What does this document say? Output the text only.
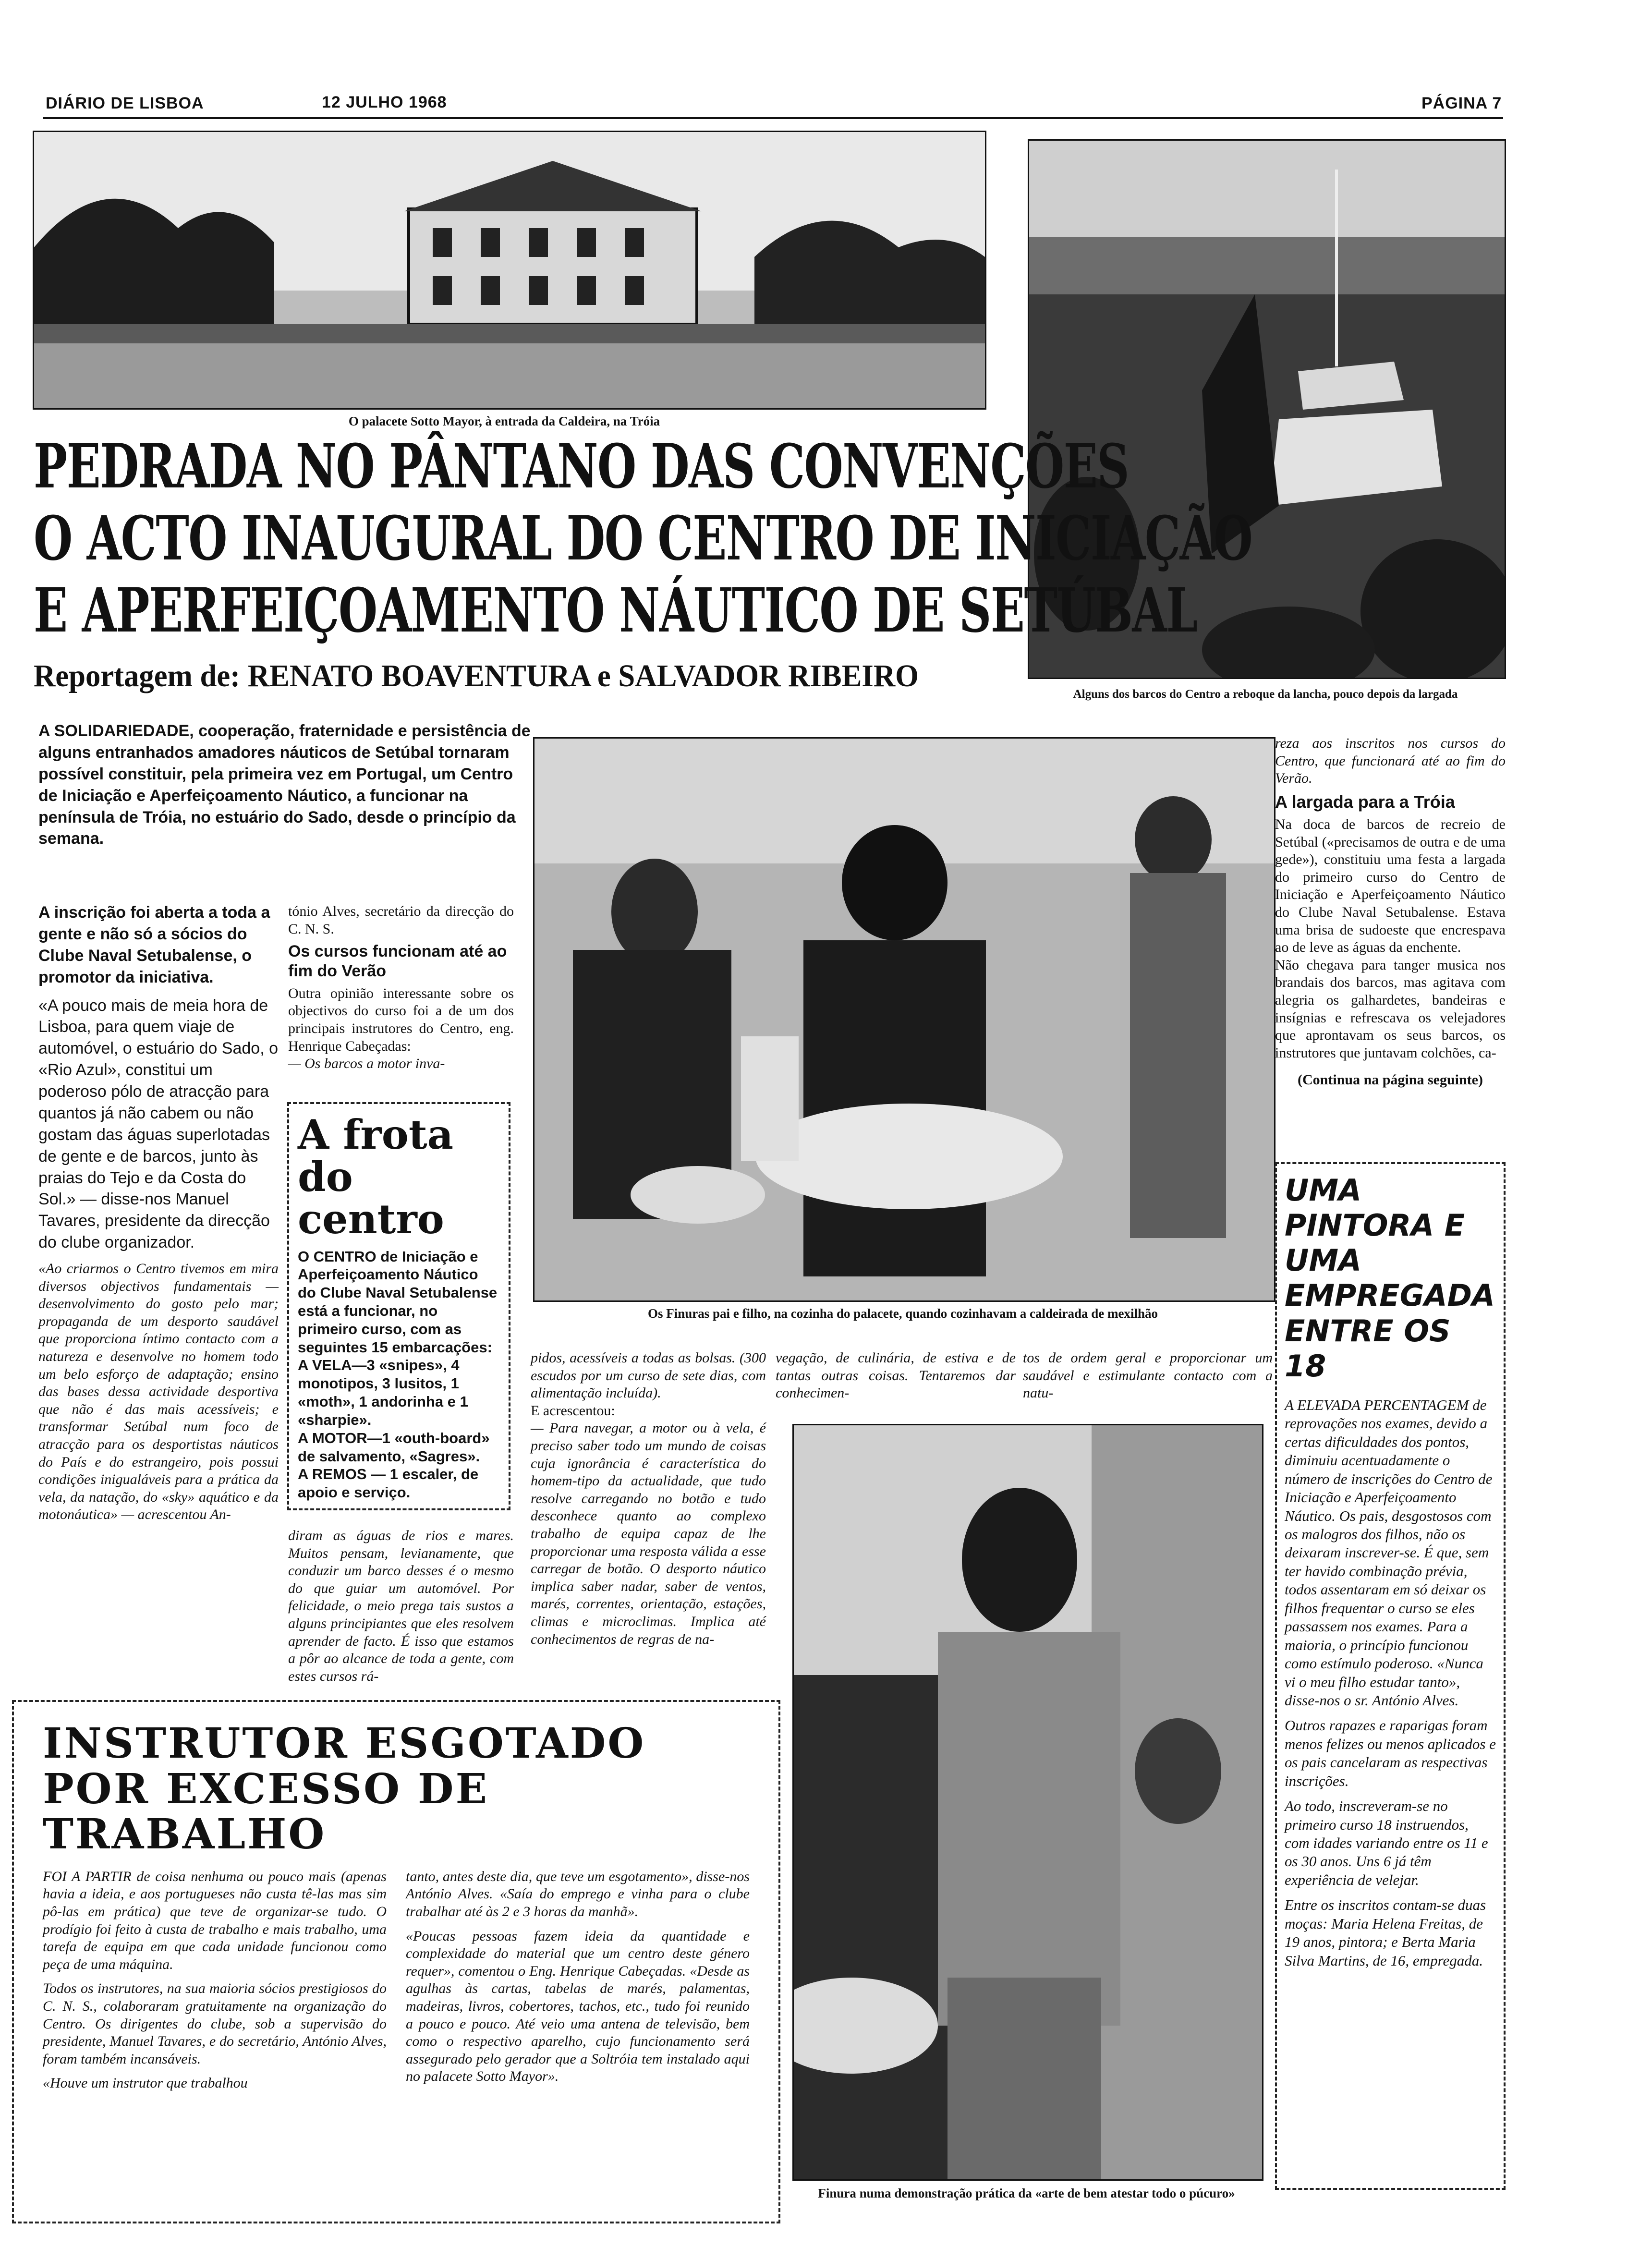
DIÁRIO DE LISBOA	12 JULHO 1968	PÁGINA 7
O palacete Sotto Mayor, à entrada da Caldeira, na Tróia
Alguns dos barcos do Centro a reboque da lancha, pouco depois da largada
PEDRADA NO PÂNTANO DAS CONVENÇÕES
O ACTO INAUGURAL DO CENTRO DE INICIAÇÃO
E APERFEIÇOAMENTO NÁUTICO DE SETÚBAL
Reportagem de: RENATO BOAVENTURA e SALVADOR RIBEIRO

A SOLIDARIEDADE, cooperação, fraternidade e persistência de alguns entranhados amadores náuticos de Setúbal tornaram possível constituir, pela primeira vez em Portugal, um Centro de Iniciação e Aperfeiçoamento Náutico, a funcionar na península de Tróia, no estuário do Sado, desde o princípio da semana.

A inscrição foi aberta a toda a gente e não só a sócios do Clube Naval Setubalense, o promotor da iniciativa.

«A pouco mais de meia hora de Lisboa, para quem viaje de automóvel, o estuário do Sado, o «Rio Azul», constitui um poderoso pólo de atracção para quantos já não cabem ou não gostam das águas superlotadas de gente e de barcos, junto às praias do Tejo e da Costa do Sol.» — disse-nos Manuel Tavares, presidente da direcção do clube organizador.

«Ao criarmos o Centro tivemos em mira diversos objectivos fundamentais — desenvolvimento do gosto pelo mar; propaganda de um desporto saudável que proporciona íntimo contacto com a natureza e desenvolve no homem todo um belo esforço de adaptação; ensino das bases dessa actividade desportiva que não é das mais acessíveis; e transformar Setúbal num foco de atracção para os desportistas náuticos do País e do estrangeiro, pois possui condições inigualáveis para a prática da vela, da natação, do «sky» aquático e da motonáutica» — acrescentou An-

tónio Alves, secretário da direcção do C. N. S.

Os cursos funcionam até ao fim do Verão

Outra opinião interessante sobre os objectivos do curso foi a de um dos principais instrutores do Centro, eng. Henrique Cabeçadas:

— Os barcos a motor inva-

A frota
do centro

O CENTRO de Iniciação e Aperfeiçoamento Náutico do Clube Naval Setubalense está a funcionar, no primeiro curso, com as seguintes 15 embarcações:

A VELA—3 «snipes», 4 monotipos, 3 lusitos, 1 «moth», 1 andorinha e 1 «sharpie».

A MOTOR—1 «outh-board» de salvamento, «Sagres».

A REMOS — 1 escaler, de apoio e serviço.

diram as águas de rios e mares. Muitos pensam, levianamente, que conduzir um barco desses é o mesmo do que guiar um automóvel. Por felicidade, o meio prega tais sustos a alguns principiantes que eles resolvem aprender de facto. É isso que estamos a pôr ao alcance de toda a gente, com estes cursos rá-

Os Finuras pai e filho, na cozinha do palacete, quando cozinhavam a caldeirada de mexilhão

pidos, acessíveis a todas as bolsas. (300 escudos por um curso de sete dias, com alimentação incluída).

E acrescentou:

— Para navegar, a motor ou à vela, é preciso saber todo um mundo de coisas cuja ignorância é característica do homem-tipo da actualidade, que tudo resolve carregando no botão e tudo desconhece quanto ao complexo trabalho de equipa capaz de lhe proporcionar uma resposta válida a esse carregar de botão. O desporto náutico implica saber nadar, saber de ventos, marés, correntes, orientação, estações, climas e microclimas. Implica até conhecimentos de regras de na-

vegação, de culinária, de estiva e de tantas outras coisas. Tentaremos dar conhecimen-

tos de ordem geral e proporcionar um saudável e estimulante contacto com a natu-

reza aos inscritos nos cursos do Centro, que funcionará até ao fim do Verão.

A largada para a Tróia

Na doca de barcos de recreio de Setúbal («precisamos de outra e de uma gede»), constituiu uma festa a largada do primeiro curso do Centro de Iniciação e Aperfeiçoamento Náutico do Clube Naval Setubalense. Estava uma brisa de sudoeste que encrespava ao de leve as águas da enchente.

Não chegava para tanger musica nos brandais dos barcos, mas agitava com alegria os galhardetes, bandeiras e insígnias e refrescava os velejadores que aprontavam os seus barcos, os instrutores que juntavam colchões, ca-

(Continua na página seguinte)

UMA PINTORA E UMA EMPREGADA ENTRE OS 18

A ELEVADA PERCENTAGEM de reprovações nos exames, devido a certas dificuldades dos pontos, diminuiu acentuadamente o número de inscrições do Centro de Iniciação e Aperfeiçoamento Náutico. Os pais, desgostosos com os malogros dos filhos, não os deixaram inscrever-se. É que, sem ter havido combinação prévia, todos assentaram em só deixar os filhos frequentar o curso se eles passassem nos exames. Para a maioria, o princípio funcionou como estímulo poderoso. «Nunca vi o meu filho estudar tanto», disse-nos o sr. António Alves.

Outros rapazes e raparigas foram menos felizes ou menos aplicados e os pais cancelaram as respectivas inscrições.

Ao todo, inscreveram-se no primeiro curso 18 instruendos, com idades variando entre os 11 e os 30 anos. Uns 6 já têm experiência de velejar.

Entre os inscritos contam-se duas moças: Maria Helena Freitas, de 19 anos, pintora; e Berta Maria Silva Martins, de 16, empregada.

Finura numa demonstração prática da «arte de bem atestar todo o púcuro»
INSTRUTOR ESGOTADO
POR EXCESSO DE TRABALHO

FOI A PARTIR de coisa nenhuma ou pouco mais (apenas havia a ideia, e aos portugueses não custa tê-las mas sim pô-las em prática) que teve de organizar-se tudo. O prodígio foi feito à custa de trabalho e mais trabalho, uma tarefa de equipa em que cada unidade funcionou como peça de uma máquina.

Todos os instrutores, na sua maioria sócios prestigiosos do C. N. S., colaboraram gratuitamente na organização do Centro. Os dirigentes do clube, sob a supervisão do presidente, Manuel Tavares, e do secretário, António Alves, foram também incansáveis.

«Houve um instrutor que trabalhou

tanto, antes deste dia, que teve um esgotamento», disse-nos António Alves. «Saía do emprego e vinha para o clube trabalhar até às 2 e 3 horas da manhã».

«Poucas pessoas fazem ideia da quantidade e complexidade do material que um centro deste género requer», comentou o Eng. Henrique Cabeçadas. «Desde as agulhas às cartas, tabelas de marés, palamentas, madeiras, livros, cobertores, tachos, etc., tudo foi reunido a pouco e pouco. Até veio uma antena de televisão, bem como o respectivo aparelho, cujo funcionamento será assegurado pelo gerador que a Soltróia tem instalado aqui no palacete Sotto Mayor».
